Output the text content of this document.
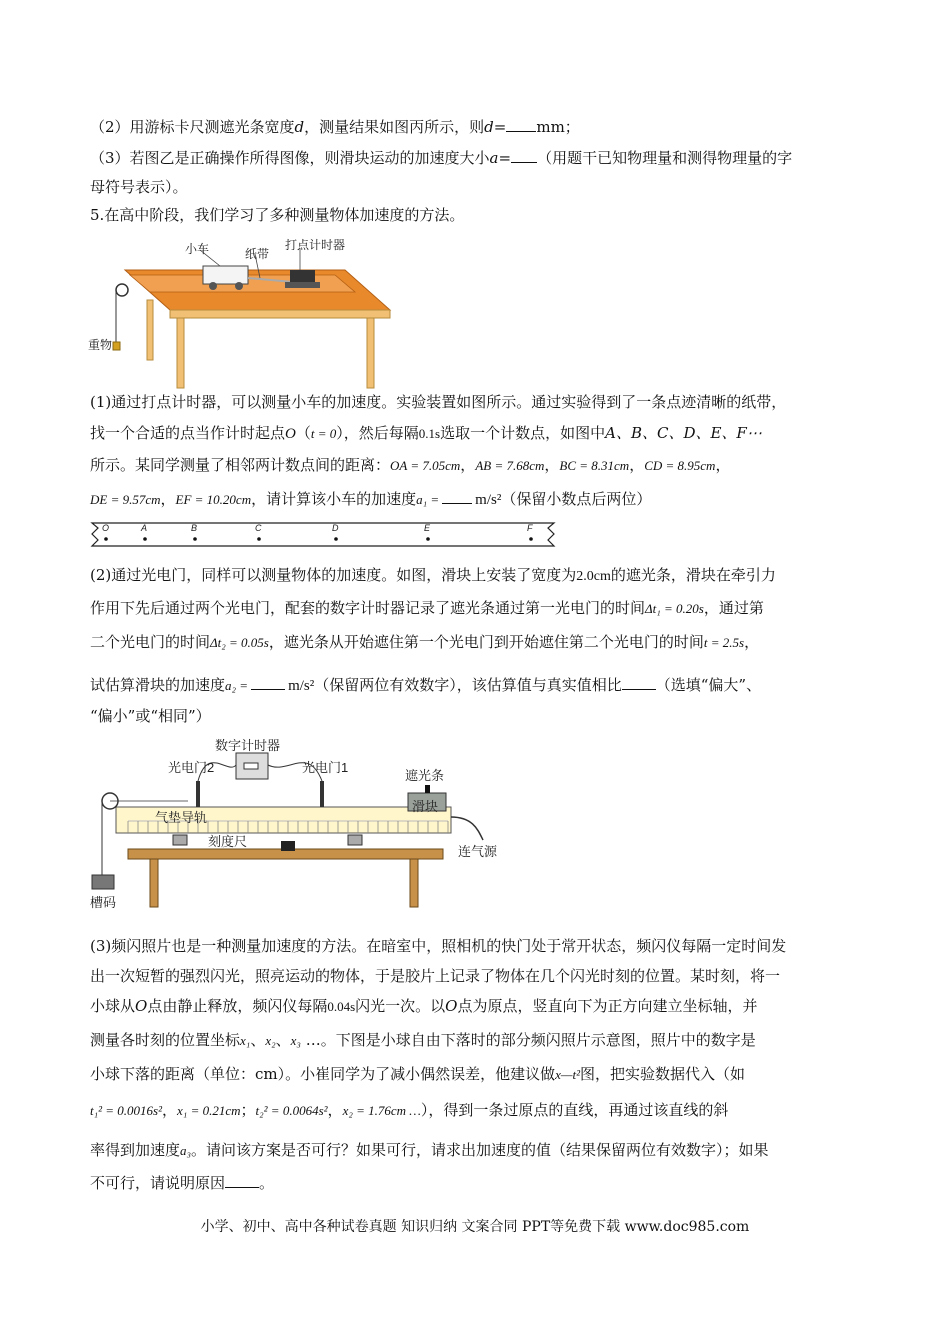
（2）用游标卡尺测遮光条宽度d，测量结果如图丙所示，则d= mm；
（3）若图乙是正确操作所得图像，则滑块运动的加速度大小a= （用题干已知物理量和测得物理量的字
母符号表示）。
5.在高中阶段，我们学习了多种测量物体加速度的方法。
小车	纸带
打点计时器
重物
(1)通过打点计时器，可以测量小车的加速度。实验装置如图所示。通过实验得到了一条点迹清晰的纸带，
找一个合适的点当作计时起点O（t = 0），然后每隔0.1s选取一个计数点，如图中A、B、C、D、E、F⋯
所示。某同学测量了相邻两计数点间的距离：OA = 7.05cm，AB = 7.68cm，BC = 8.31cm，CD = 8.95cm，
DE = 9.57cm，EF = 10.20cm，请计算该小车的加速度a₁ = m/s²（保留小数点后两位）
O	A	B	C	D	E	F
(2)通过光电门，同样可以测量物体的加速度。如图，滑块上安装了宽度为2.0cm的遮光条，滑块在牵引力
作用下先后通过两个光电门，配套的数字计时器记录了遮光条通过第一光电门的时间Δt₁ = 0.20s，通过第
二个光电门的时间Δt₂ = 0.05s，遮光条从开始遮住第一个光电门到开始遮住第二个光电门的时间t = 2.5s，
试估算滑块的加速度a₂ =	m/s²（保留两位有效数字），该估算值与真实值相比 （选填“偏大”、
“偏小”或“相同”）
数字计时器
光电门2	光电门1
遮光条
滑块
气垫导轨
刻度尺
连气源
槽码
(3)频闪照片也是一种测量加速度的方法。在暗室中，照相机的快门处于常开状态，频闪仪每隔一定时间发
出一次短暂的强烈闪光，照亮运动的物体，于是胶片上记录了物体在几个闪光时刻的位置。某时刻，将一
小球从O点由静止释放，频闪仪每隔0.04s闪光一次。以O点为原点，竖直向下为正方向建立坐标轴，并
测量各时刻的位置坐标x₁、x₂、x₃ …。下图是小球自由下落时的部分频闪照片示意图，照片中的数字是
小球下落的距离（单位：cm）。小崔同学为了减小偶然误差，他建议做x—t²图，把实验数据代入（如
t₁² = 0.0016s²，x₁ = 0.21cm；t₂² = 0.0064s²，x₂ = 1.76cm …），得到一条过原点的直线，再通过该直线的斜
率得到加速度a₃。请问该方案是否可行？如果可行，请求出加速度的值（结果保留两位有效数字）；如果
不可行，请说明原因 。
小学、初中、高中各种试卷真题 知识归纳 文案合同 PPT等免费下载 www.doc985.com
